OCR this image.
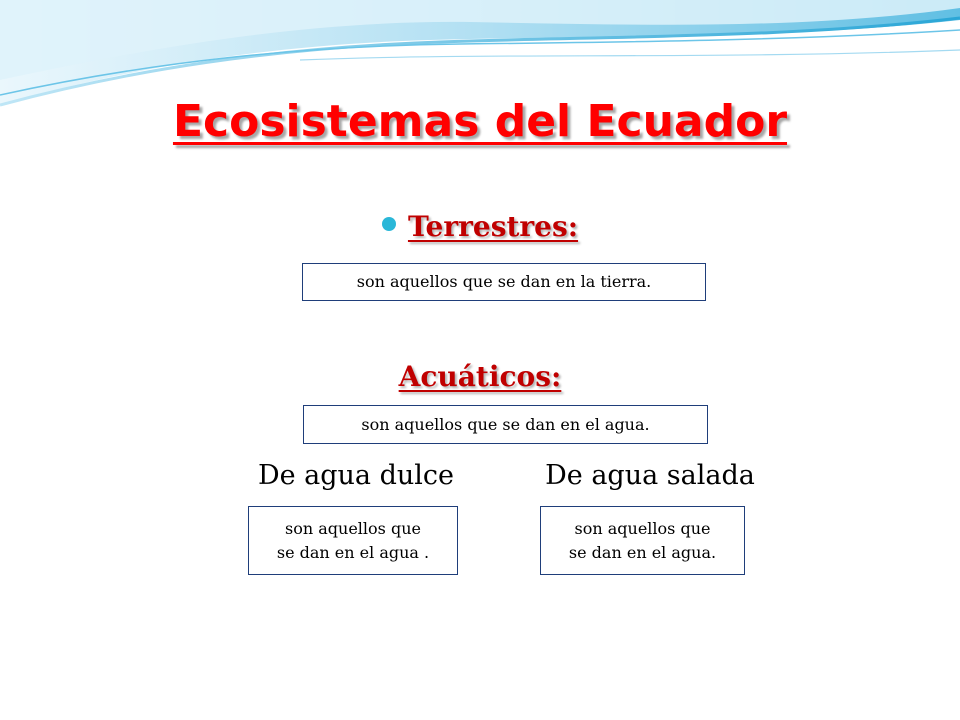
Ecosistemas del Ecuador
Terrestres:
son aquellos que se dan en la tierra.
Acuáticos:
son aquellos que se dan en el agua.
De agua dulce	De agua salada
son aquellos que
se dan en el agua .
son aquellos que
se dan en el agua.
